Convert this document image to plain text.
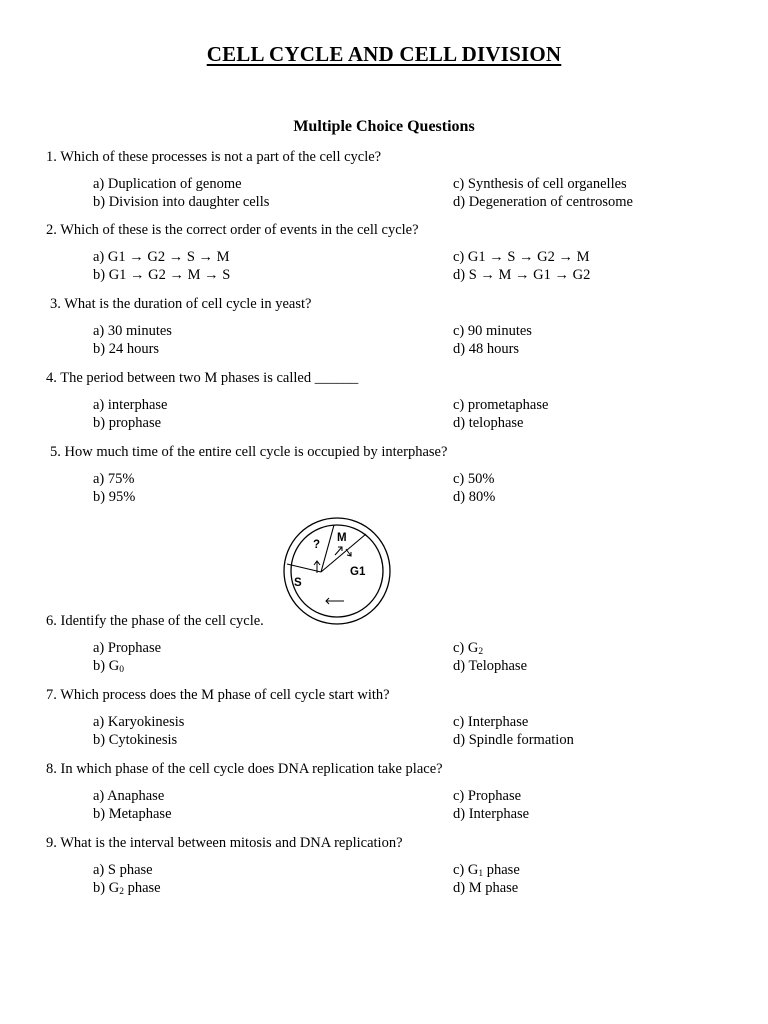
CELL CYCLE AND CELL DIVISION
Multiple Choice Questions
1. Which of these processes is not a part of the cell cycle?
a) Duplication of genome	c) Synthesis of cell organelles
b) Division into daughter cells	d) Degeneration of centrosome
2. Which of these is the correct order of events in the cell cycle?
a) G1 → G2 → S → M	c) G1 → S → G2 → M
b) G1 → G2 → M → S	d) S → M → G1 → G2
3. What is the duration of cell cycle in yeast?
a) 30 minutes	c) 90 minutes
b) 24 hours	d) 48 hours
4. The period between two M phases is called ______
a) interphase	c) prometaphase
b) prophase	d) telophase
5. How much time of the entire cell cycle is occupied by interphase?
a) 75%	c) 50%
b) 95%	d) 80%
6. Identify the phase of the cell cycle.
a) Prophase	c) $G_2$
b) $G_0$	d) Telophase
7. Which process does the M phase of cell cycle start with?
a) Karyokinesis	c) Interphase
b) Cytokinesis	d) Spindle formation
8. In which phase of the cell cycle does DNA replication take place?
a) Anaphase	c) Prophase
b) Metaphase	d) Interphase
9. What is the interval between mitosis and DNA replication?
a) S phase	c) $G_1$ phase
b) $G_2$ phase	d) M phase
?
M
G1
S
